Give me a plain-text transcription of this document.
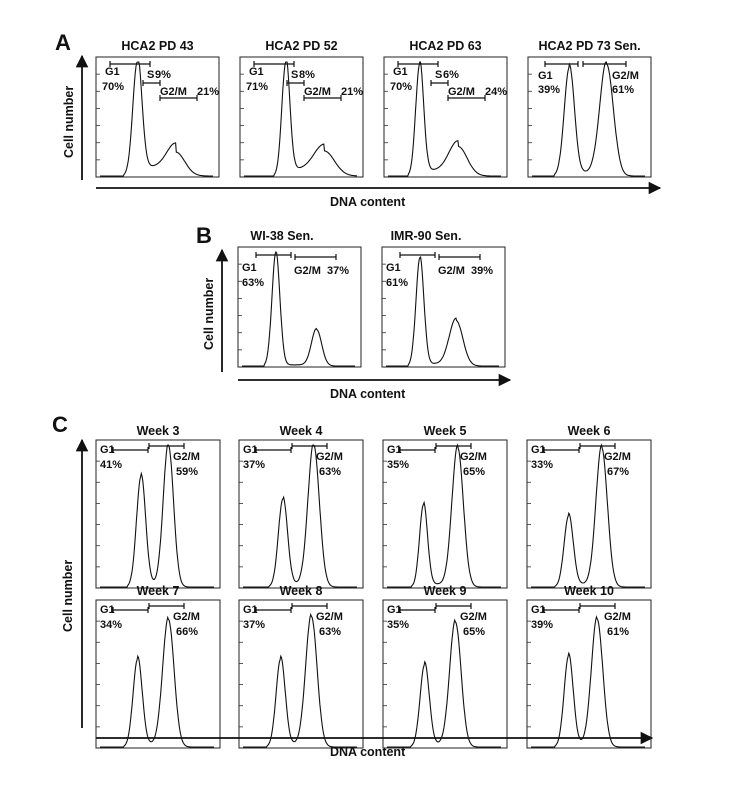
A	HCA2 PD 43
G1
70%
S 9%
G2/M 21%
HCA2 PD 52
G1
71%
S 8%
G2/M 21%
HCA2 PD 63
G1
70%
S 6%
G2/M 24%
HCA2 PD 73 Sen.
G1
39%
G2/M
61%
Cell number
DNA content
B	WI-38 Sen.
G1
63%
G2/M 37%
IMR-90 Sen.
G1
61%
G2/M 39%
Cell number
DNA content
C	Week 3
G1
41%
G2/M
59%
Week 4
G1
37%
G2/M
63%
Week 5
G1
35%
G2/M
65%
Week 6
G1
33%
G2/M
67%
Week 7
G1
34%
G2/M
66%
Week 8
G1
37%
G2/M
63%
Week 9
G1
35%
G2/M
65%
Week 10
G1
39%
G2/M
61%
Cell number
DNA content
